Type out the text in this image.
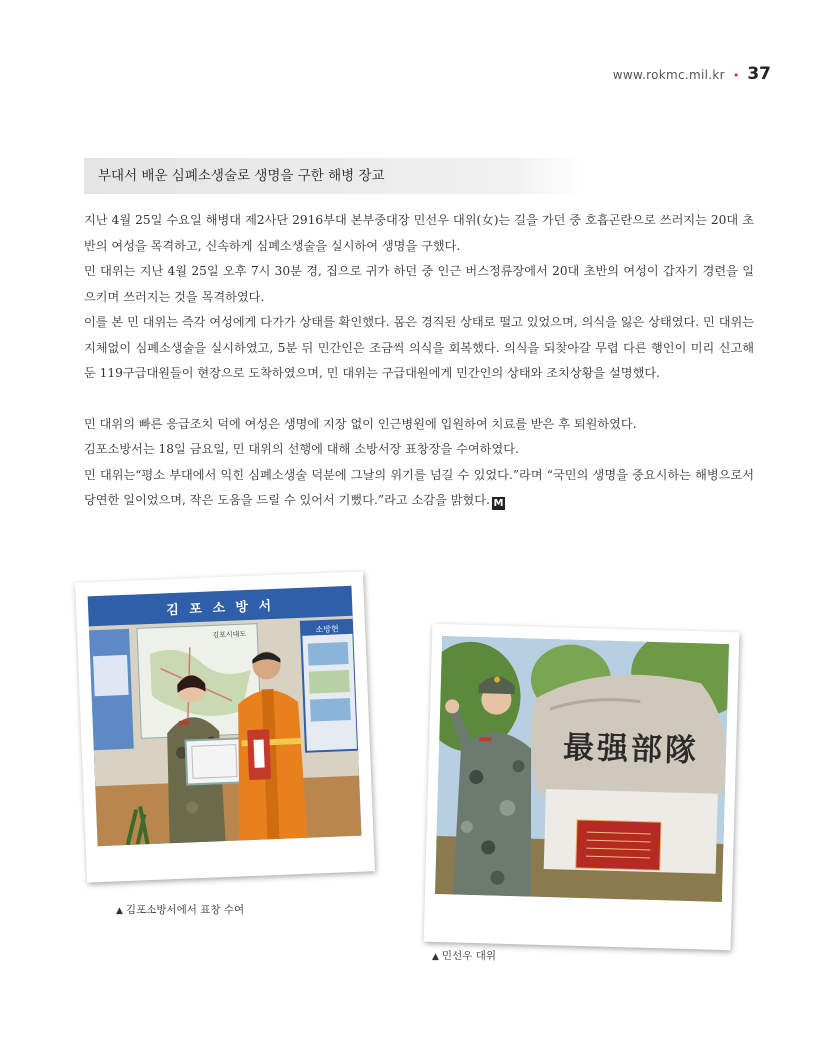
www.rokmc.mil.kr • 37
부대서 배운 심폐소생술로 생명을 구한 해병 장교

지난 4월 25일 수요일 해병대 제2사단 2916부대 본부중대장 민선우 대위(女)는 길을 가던 중 호흡곤란으로 쓰러지는 20대 초반의 여성을 목격하고, 신속하게 심폐소생술을 실시하여 생명을 구했다.

민 대위는 지난 4월 25일 오후 7시 30분 경, 집으로 귀가 하던 중 인근 버스정류장에서 20대 초반의 여성이 갑자기 경련을 일으키며 쓰러지는 것을 목격하였다.

이를 본 민 대위는 즉각 여성에게 다가가 상태를 확인했다. 몸은 경직된 상태로 떨고 있었으며, 의식을 잃은 상태였다. 민 대위는 지체없이 심폐소생술을 실시하였고, 5분 뒤 민간인은 조금씩 의식을 회복했다. 의식을 되찾아갈 무렵 다른 행인이 미리 신고해 둔 119구급대원들이 현장으로 도착하였으며, 민 대위는 구급대원에게 민간인의 상태와 조치상황을 설명했다.

민 대위의 빠른 응급조치 덕에 여성은 생명에 지장 없이 인근병원에 입원하여 치료를 받은 후 퇴원하였다.

김포소방서는 18일 금요일, 민 대위의 선행에 대해 소방서장 표창장을 수여하였다.

민 대위는“평소 부대에서 익힌 심폐소생술 덕분에 그날의 위기를 넘길 수 있었다.”라며 “국민의 생명을 중요시하는 해병으로서 당연한 일이었으며, 작은 도움을 드릴 수 있어서 기뻤다.”라고 소감을 밝혔다. M

김 포 소 방 서
김포시대도
소방현
▲ 김포소방서에서 표창 수여
最强部隊
▲ 민선우 대위
